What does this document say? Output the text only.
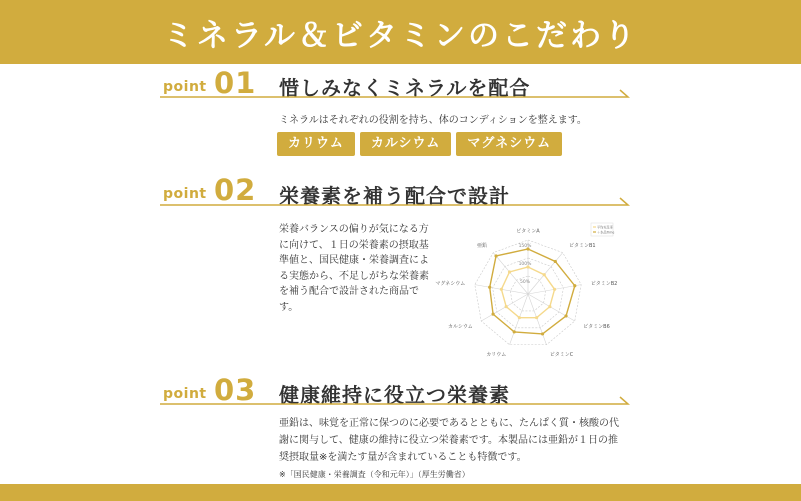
ミネラル＆ビタミンのこだわり
point 01 惜しみなくミネラルを配合
ミネラルはそれぞれの役割を持ち、体のコンディションを整えます。
カリウム	カルシウム	マグネシウム
point 02 栄養素を補う配合で設計
栄養バランスの偏りが気になる方に向けて、１日の栄養素の摂取基準値と、国民健康・栄養調査による実態から、不足しがちな栄養素を補う配合で設計された商品です。
150%
100%
50%
ビタミンA
ビタミンB1
ビタミンB2
ビタミンB6
ビタミンC
カリウム
カルシウム
マグネシウム
亜鉛
平均充足率
＋本品Time
point 03 健康維持に役立つ栄養素
亜鉛は、味覚を正常に保つのに必要であるとともに、たんぱく質・核酸の代謝に関与して、健康の維持に役立つ栄養素です。本製品には亜鉛が１日の推奨摂取量※を満たす量が含まれていることも特徴です。
※「国民健康・栄養調査（令和元年）」（厚生労働省）
